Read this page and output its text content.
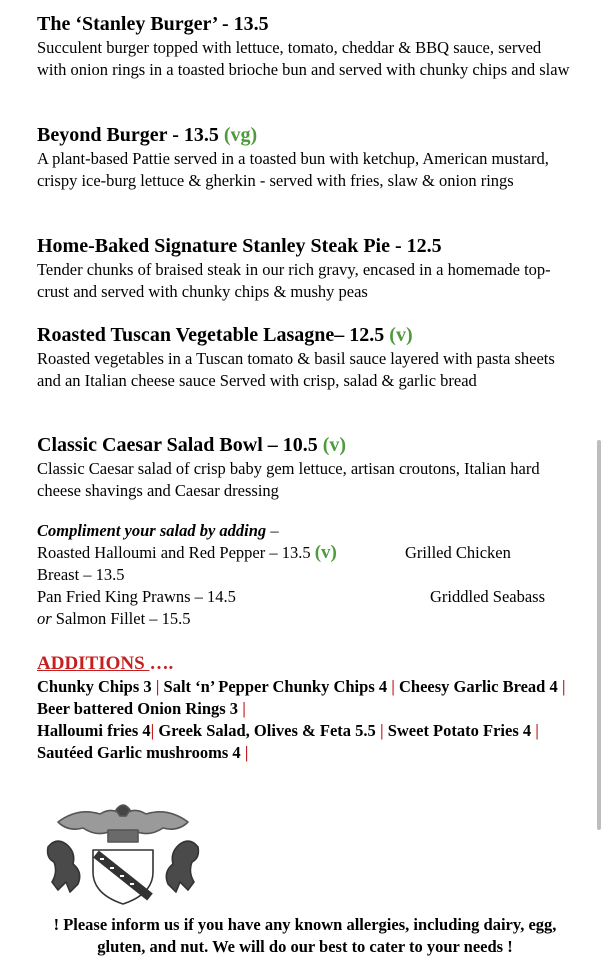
The ‘Stanley Burger’ - 13.5
Succulent burger topped with lettuce, tomato, cheddar & BBQ sauce, served with onion rings in a toasted brioche bun and served with chunky chips and slaw
Beyond Burger - 13.5 (vg)
A plant-based Pattie served in a toasted bun with ketchup, American mustard, crispy ice-burg lettuce & gherkin - served with fries, slaw & onion rings
Home-Baked Signature Stanley Steak Pie - 12.5
Tender chunks of braised steak in our rich gravy, encased in a homemade top-crust and served with chunky chips & mushy peas
Roasted Tuscan Vegetable Lasagne– 12.5 (v)
Roasted vegetables in a Tuscan tomato & basil sauce layered with pasta sheets and an Italian cheese sauce Served with crisp, salad & garlic bread
Classic Caesar Salad Bowl – 10.5 (v)
Classic Caesar salad of crisp baby gem lettuce, artisan croutons, Italian hard cheese shavings and Caesar dressing
Compliment your salad by adding –
Roasted Halloumi and Red Pepper – 13.5 (v)	Grilled Chicken
Breast – 13.5
Pan Fried King Prawns – 14.5	Griddled Seabass
or Salmon Fillet – 15.5
ADDITIONS ….
Chunky Chips 3 | Salt ‘n’ Pepper Chunky Chips 4 | Cheesy Garlic Bread 4 | Beer battered Onion Rings 3 |
Halloumi fries 4| Greek Salad, Olives & Feta 5.5 | Sweet Potato Fries 4 | Sautéed Garlic mushrooms 4 |
! Please inform us if you have any known allergies, including dairy, egg, gluten, and nut. We will do our best to cater to your needs !
